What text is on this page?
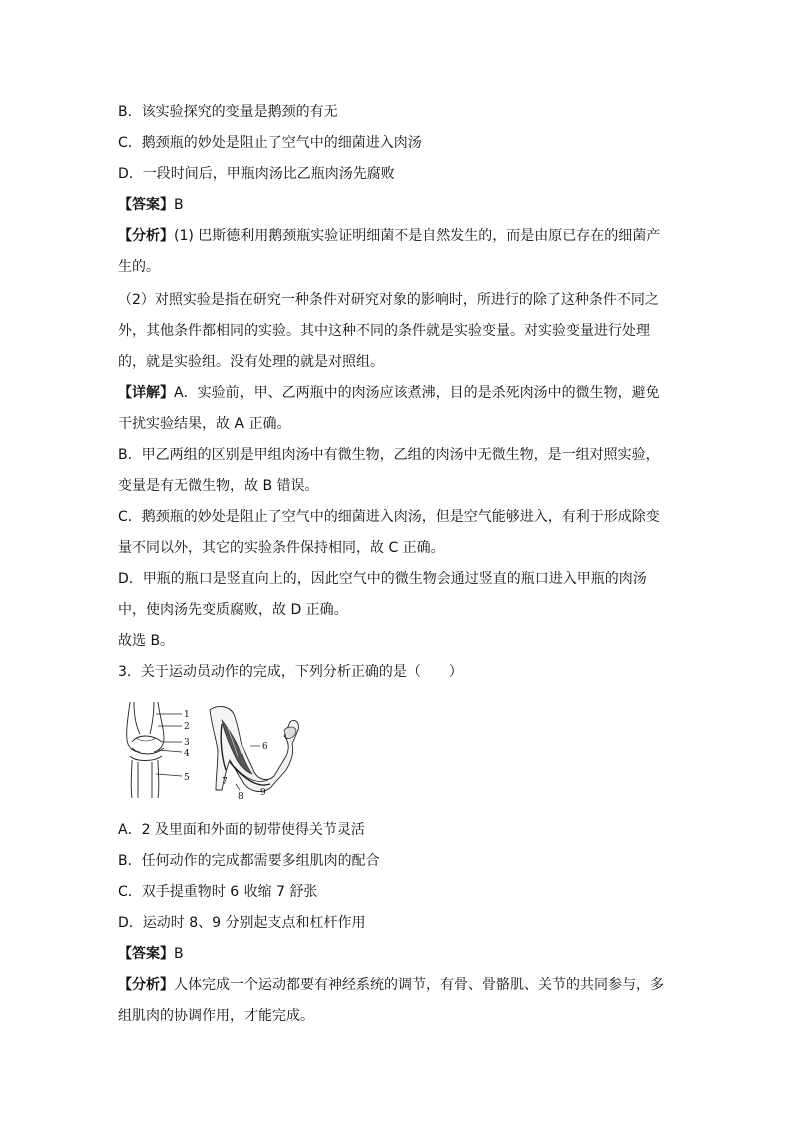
B．该实验探究的变量是鹅颈的有无
C．鹅颈瓶的妙处是阻止了空气中的细菌进入肉汤
D．一段时间后，甲瓶肉汤比乙瓶肉汤先腐败
【答案】B
【分析】(1) 巴斯德利用鹅颈瓶实验证明细菌不是自然发生的，而是由原已存在的细菌产
生的。
（2）对照实验是指在研究一种条件对研究对象的影响时，所进行的除了这种条件不同之
外，其他条件都相同的实验。其中这种不同的条件就是实验变量。对实验变量进行处理
的，就是实验组。没有处理的就是对照组。
【详解】A．实验前，甲、乙两瓶中的肉汤应该煮沸，目的是杀死肉汤中的微生物，避免
干扰实验结果，故 A 正确。
B．甲乙两组的区别是甲组肉汤中有微生物，乙组的肉汤中无微生物，是一组对照实验，
变量是有无微生物，故 B 错误。
C．鹅颈瓶的妙处是阻止了空气中的细菌进入肉汤，但是空气能够进入，有利于形成除变
量不同以外，其它的实验条件保持相同，故 C 正确。
D．甲瓶的瓶口是竖直向上的，因此空气中的微生物会通过竖直的瓶口进入甲瓶的肉汤
中，使肉汤先变质腐败，故 D 正确。
故选 B。
3．关于运动员动作的完成，下列分析正确的是（　　）
1
2
3
4
5
6
7
8 9
A．2 及里面和外面的韧带使得关节灵活
B．任何动作的完成都需要多组肌肉的配合
C．双手提重物时 6 收缩 7 舒张
D．运动时 8、9 分别起支点和杠杆作用
【答案】B
【分析】人体完成一个运动都要有神经系统的调节，有骨、骨骼肌、关节的共同参与，多
组肌肉的协调作用，才能完成。
